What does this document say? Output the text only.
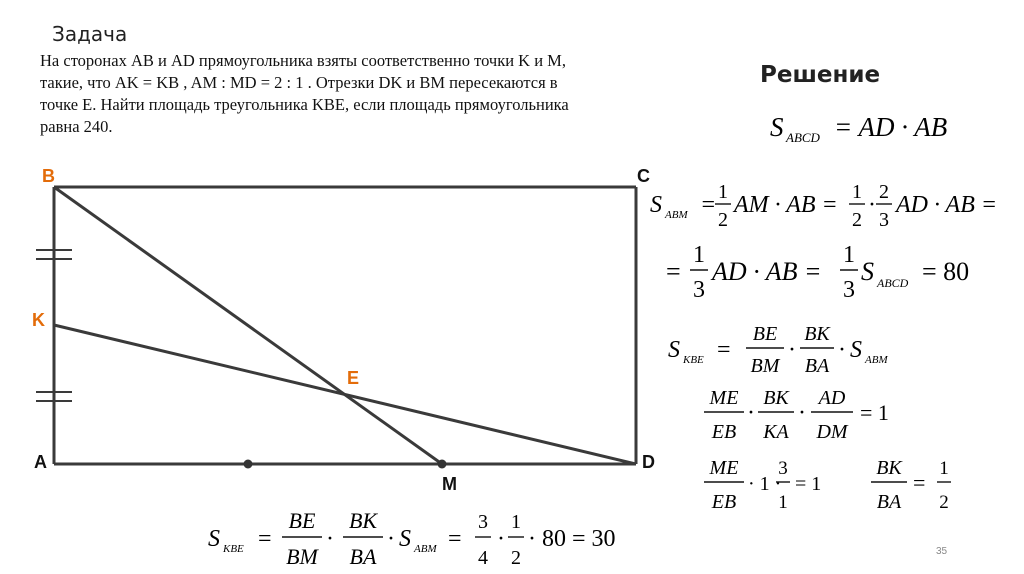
Задача
На сторонах AB и AD прямоугольника взяты соответственно точки K и M,
такие, что AK = KB , AM : MD = 2 : 1 . Отрезки DK и BM пересекаются в
точке E. Найти площадь треугольника KBE, если площадь прямоугольника
равна 240.
Решение
B	C
K
E
A	D
M
S ABCD = AD · AB
S ABM = 1
2
AM · AB = 1
2
· 2
3
AD · AB =
=
1
3
AD · AB =
1
3
S ABCD = 80
S KBE =
BE
BM
·
BK
BA
· S ABM
ME
EB
·
BK
KA
·
AD
DM
= 1
ME
EB
· 1 ·
3
1
= 1
BK
BA
=
1
2
S KBE =
BE
BM
·
BK
BA
· S ABM =
3
4
·
1
2
· 80 = 30	35
